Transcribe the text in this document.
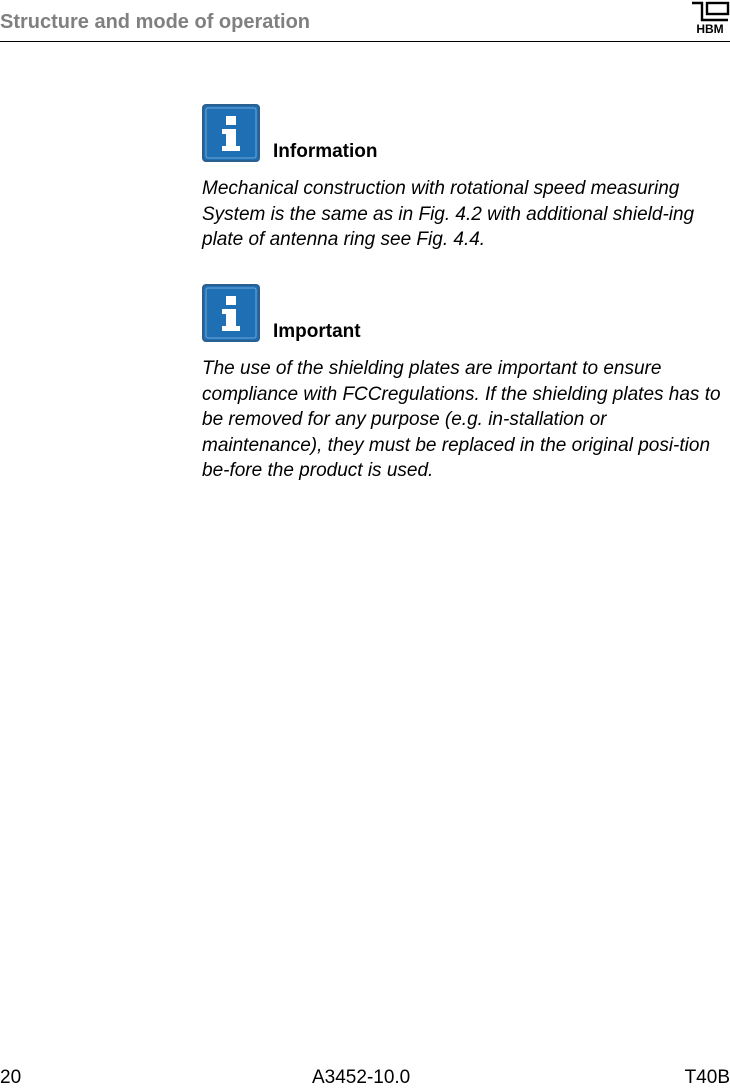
Structure and mode of operation	HBM
Information

Mechanical construction with rotational speed measuring System is the same as in Fig. 4.2 with additional shield-ing plate of antenna ring see Fig. 4.4.

Important

The use of the shielding plates are important to ensure compliance with FCCregulations. If the shielding plates has to be removed for any purpose (e.g. in-stallation or maintenance), they must be replaced in the original posi-tion be-fore the product is used.

20	A3452-10.0	T40B
